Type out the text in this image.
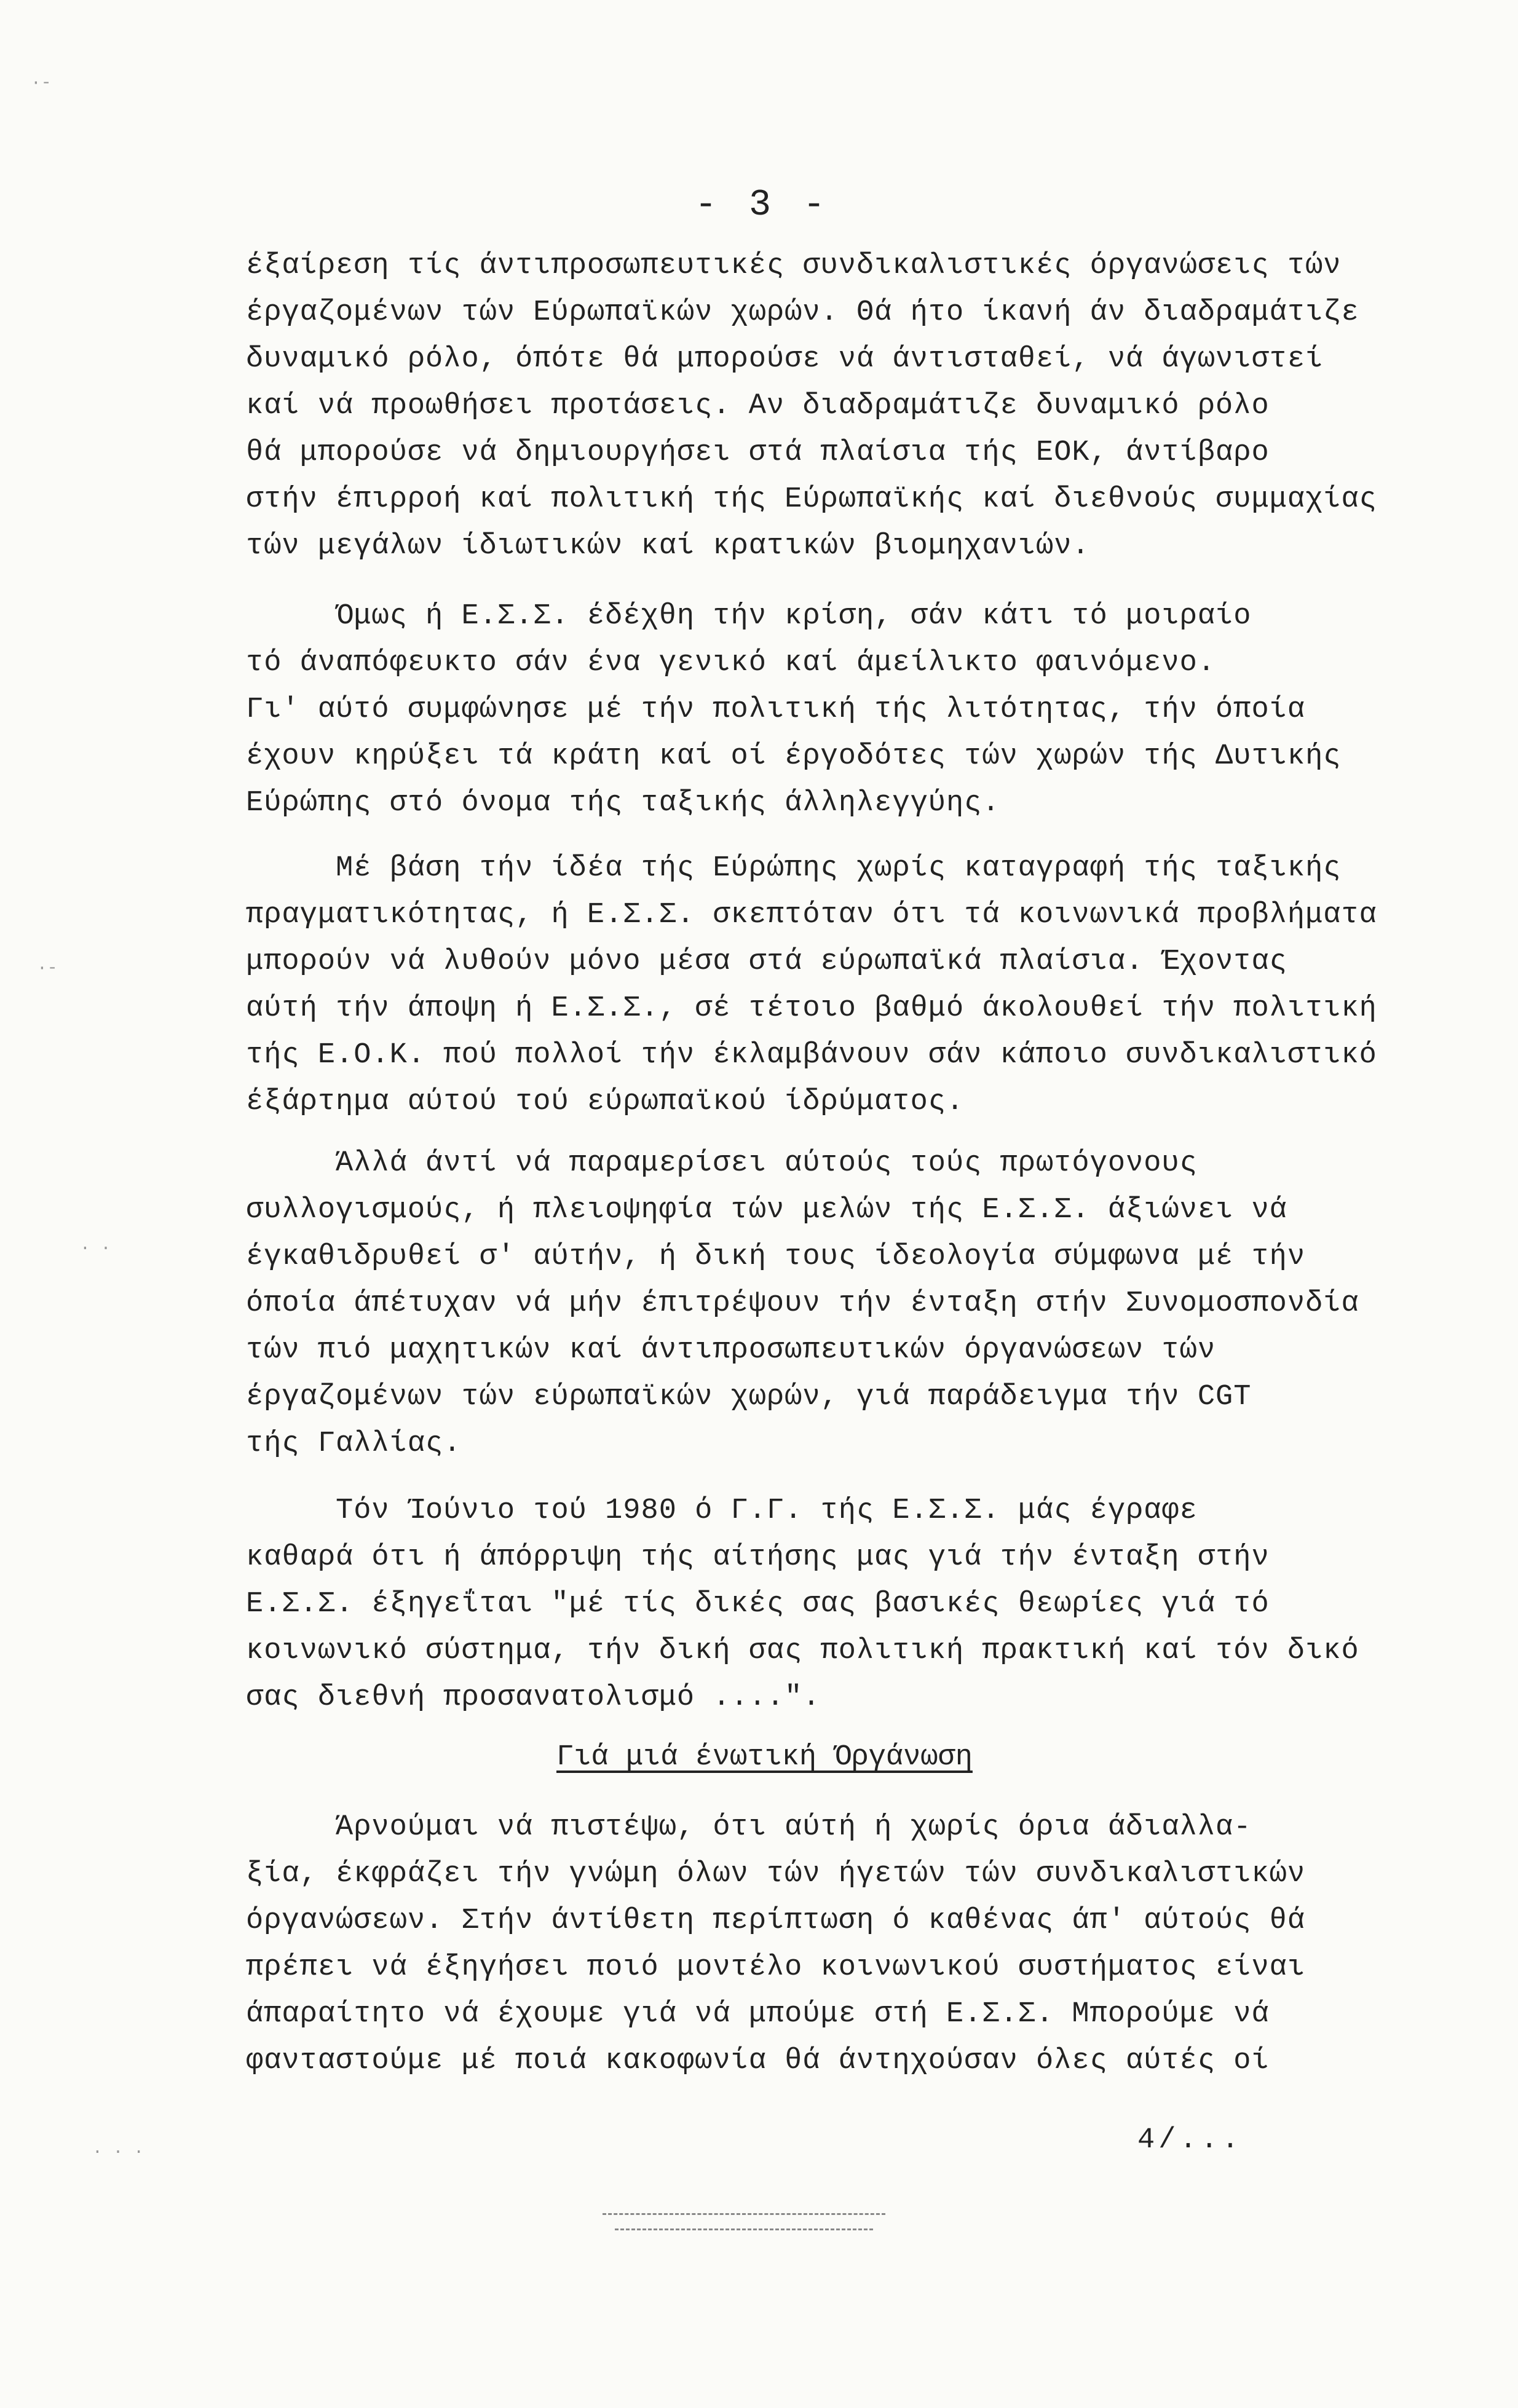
- 3 -
έξαίρεση τίς άντιπροσωπευτικές συνδικαλιστικές όργανώσεις τών
έργαζομένων τών Εύρωπαϊκών χωρών. Θά ήτο ίκανή άν διαδραμάτιζε
δυναμικό ρόλο, όπότε θά μπορούσε νά άντισταθεί, νά άγωνιστεί
καί νά προωθήσει προτάσεις. Αν διαδραμάτιζε δυναμικό ρόλο
θά μπορούσε νά δημιουργήσει στά πλαίσια τής ΕΟΚ, άντίβαρο
στήν έπιρροή καί πολιτική τής Εύρωπαϊκής καί διεθνούς συμμαχίας
τών μεγάλων ίδιωτικών καί κρατικών βιομηχανιών.
Όμως ή Ε.Σ.Σ. έδέχθη τήν κρίση, σάν κάτι τό μοιραίο
τό άναπόφευκτο σάν ένα γενικό καί άμείλικτο φαινόμενο.
Γι' αύτό συμφώνησε μέ τήν πολιτική τής λιτότητας, τήν όποία
έχουν κηρύξει τά κράτη καί οί έργοδότες τών χωρών τής Δυτικής
Εύρώπης στό όνομα τής ταξικής άλληλεγγύης.
Μέ βάση τήν ίδέα τής Εύρώπης χωρίς καταγραφή τής ταξικής
πραγματικότητας, ή Ε.Σ.Σ. σκεπτόταν ότι τά κοινωνικά προβλήματα
μπορούν νά λυθούν μόνο μέσα στά εύρωπαϊκά πλαίσια. Έχοντας
αύτή τήν άποψη ή Ε.Σ.Σ., σέ τέτοιο βαθμό άκολουθεί τήν πολιτική
τής Ε.Ο.Κ. πού πολλοί τήν έκλαμβάνουν σάν κάποιο συνδικαλιστικό
έξάρτημα αύτού τού εύρωπαϊκού ίδρύματος.
Άλλά άντί νά παραμερίσει αύτούς τούς πρωτόγονους
συλλογισμούς, ή πλειοψηφία τών μελών τής Ε.Σ.Σ. άξιώνει νά
έγκαθιδρυθεί σ' αύτήν, ή δική τους ίδεολογία σύμφωνα μέ τήν
όποία άπέτυχαν νά μήν έπιτρέψουν τήν ένταξη στήν Συνομοσπονδία
τών πιό μαχητικών καί άντιπροσωπευτικών όργανώσεων τών
έργαζομένων τών εύρωπαϊκών χωρών, γιά παράδειγμα τήν CGT
τής Γαλλίας.
Τόν Ίούνιο τού 1980 ό Γ.Γ. τής Ε.Σ.Σ. μάς έγραφε
καθαρά ότι ή άπόρριψη τής αίτήσης μας γιά τήν ένταξη στήν
Ε.Σ.Σ. έξηγεΐται "μέ τίς δικές σας βασικές θεωρίες γιά τό
κοινωνικό σύστημα, τήν δική σας πολιτική πρακτική καί τόν δικό
σας διεθνή προσανατολισμό ....".
Γιά μιά ένωτική Όργάνωση
Άρνούμαι νά πιστέψω, ότι αύτή ή χωρίς όρια άδιαλλα-
ξία, έκφράζει τήν γνώμη όλων τών ήγετών τών συνδικαλιστικών
όργανώσεων. Στήν άντίθετη περίπτωση ό καθένας άπ' αύτούς θά
πρέπει νά έξηγήσει ποιό μοντέλο κοινωνικού συστήματος είναι
άπαραίτητο νά έχουμε γιά νά μπούμε στή Ε.Σ.Σ. Μπορούμε νά
φανταστούμε μέ ποιά κακοφωνία θά άντηχούσαν όλες αύτές οί
4/...
·-
·-
. .
. . .
